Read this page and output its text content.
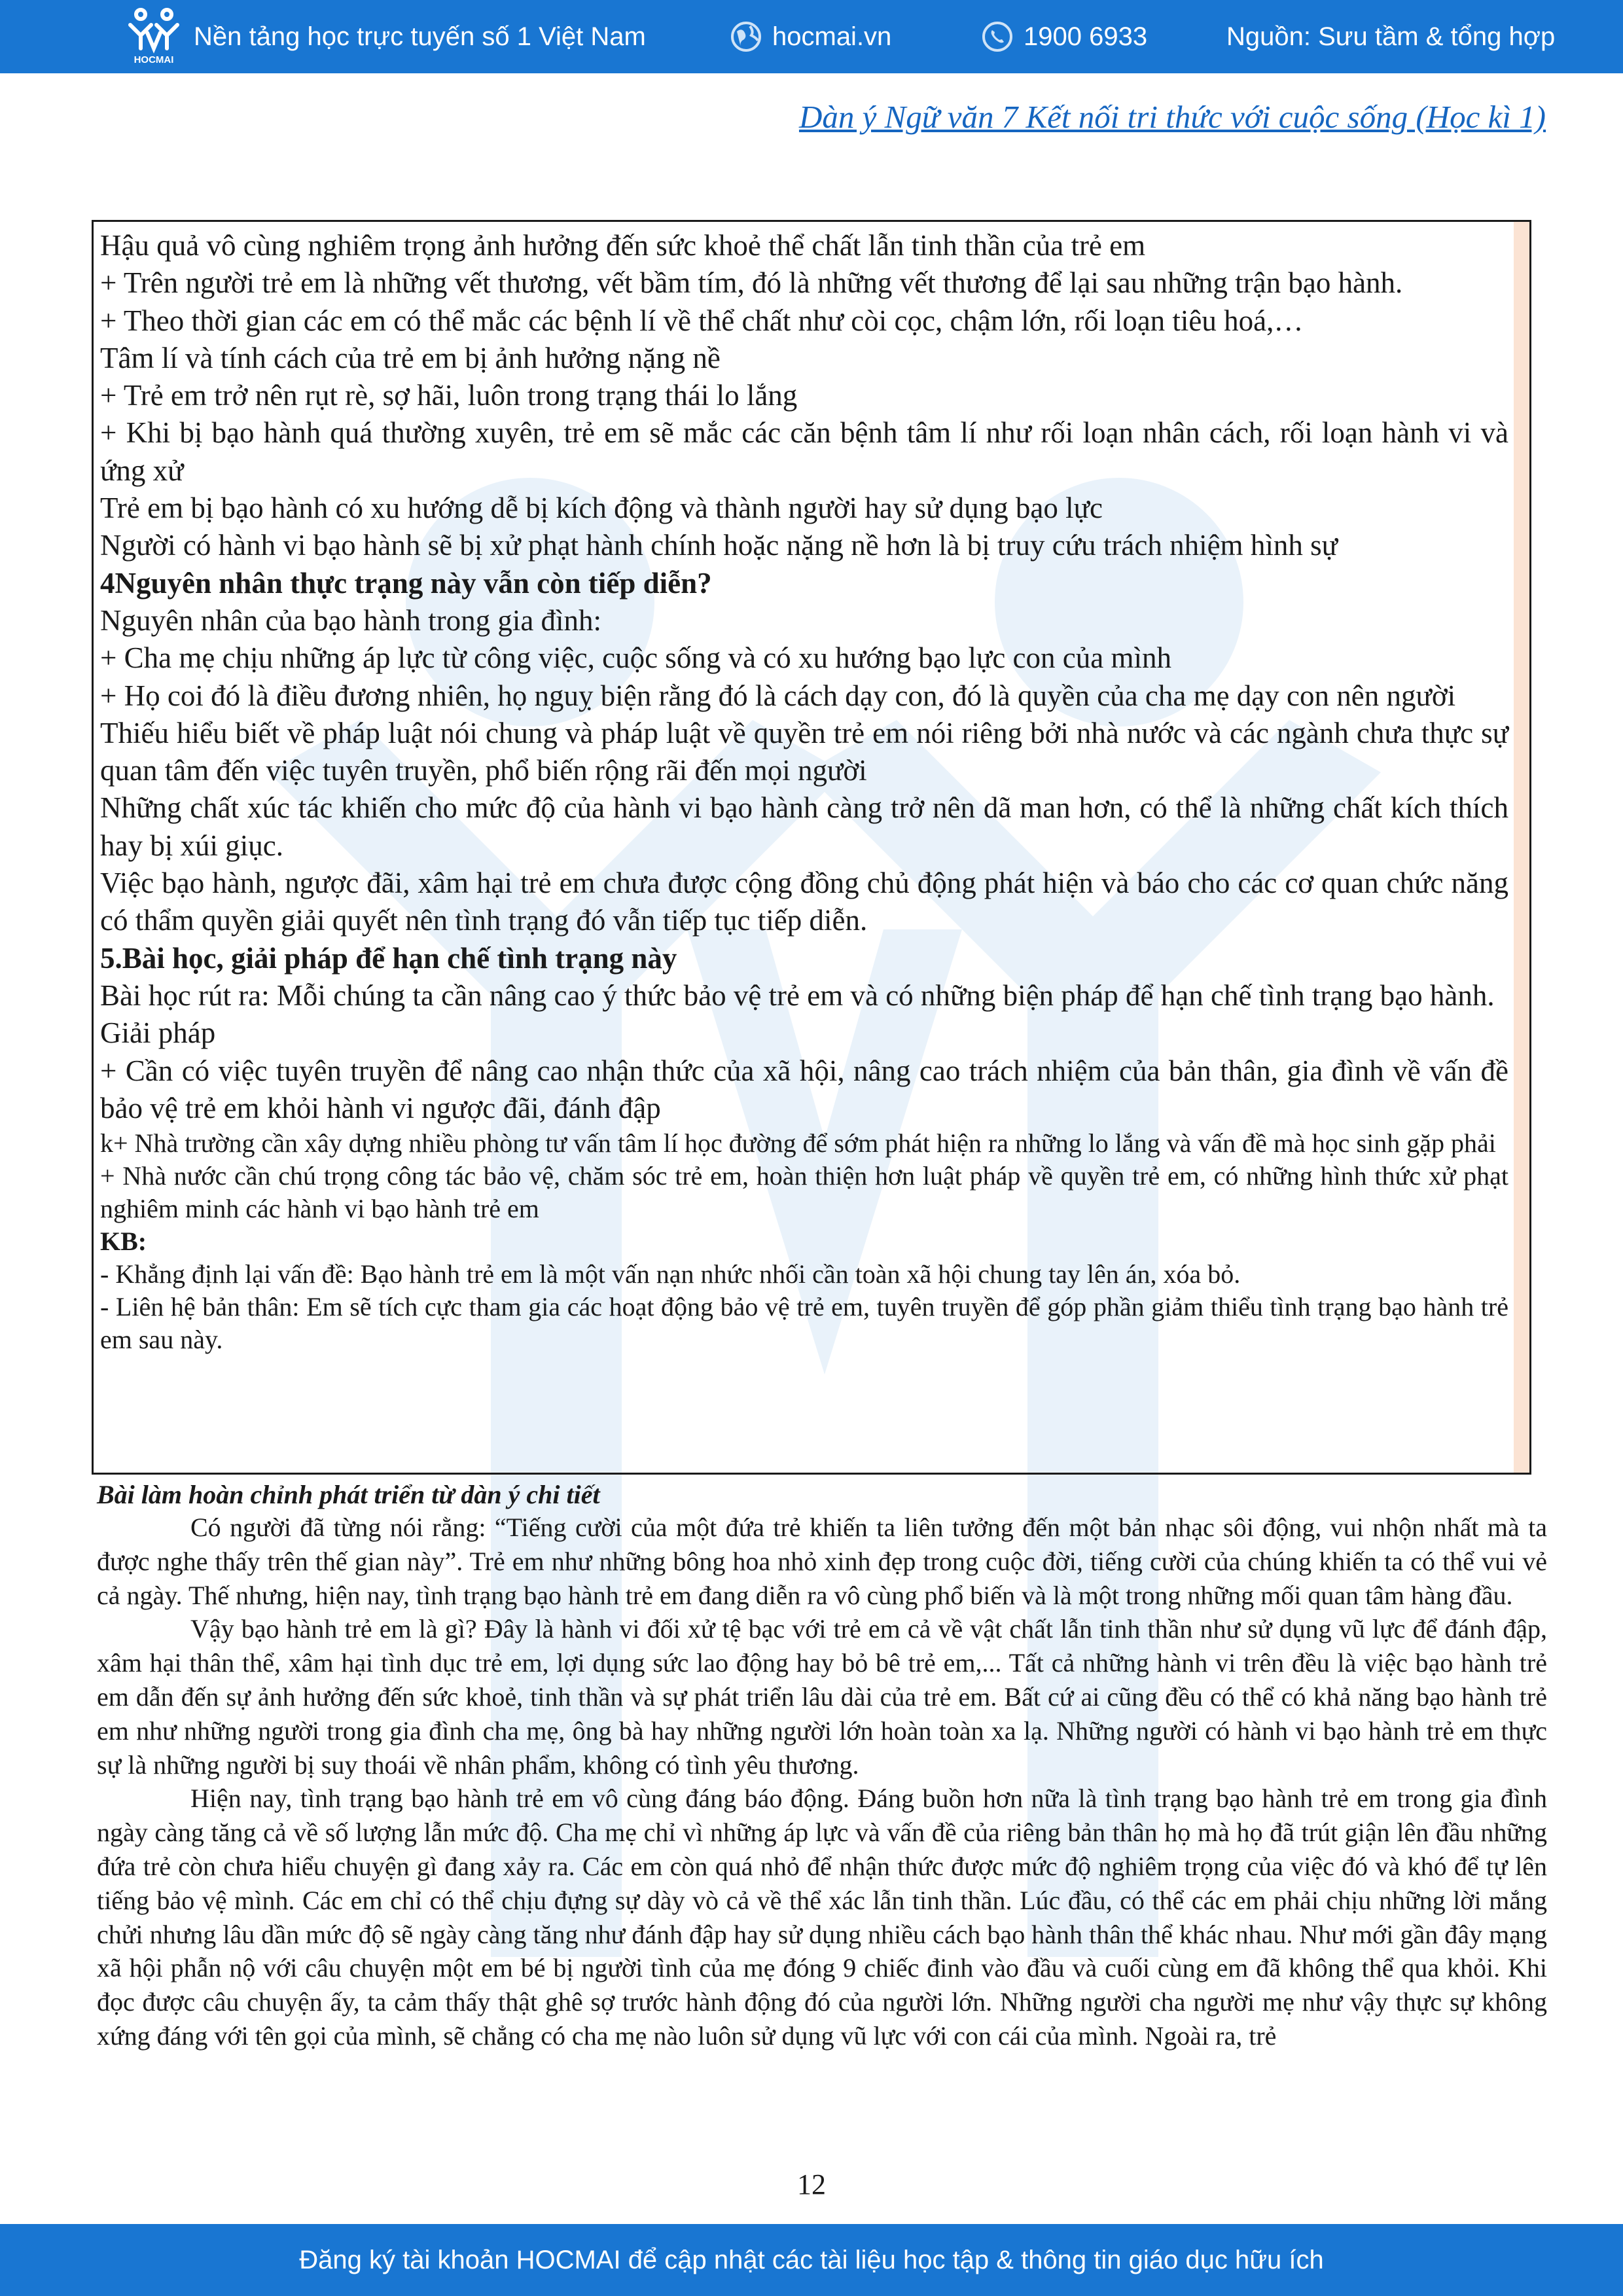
HOCMAI
Nền tảng học trực tuyến số 1 Việt Nam	hocmai.vn	1900 6933	Nguồn: Sưu tầm & tổng hợp
Dàn ý Ngữ văn 7 Kết nối tri thức với cuộc sống (Học kì 1)

Hậu quả vô cùng nghiêm trọng ảnh hưởng đến sức khoẻ thể chất lẫn tinh thần của trẻ em

+ Trên người trẻ em là những vết thương, vết bầm tím, đó là những vết thương để lại sau những trận bạo hành.

+ Theo thời gian các em có thể mắc các bệnh lí về thể chất như còi cọc, chậm lớn, rối loạn tiêu hoá,…

Tâm lí và tính cách của trẻ em bị ảnh hưởng nặng nề

+ Trẻ em trở nên rụt rè, sợ hãi, luôn trong trạng thái lo lắng

+ Khi bị bạo hành quá thường xuyên, trẻ em sẽ mắc các căn bệnh tâm lí như rối loạn nhân cách, rối loạn hành vi và ứng xử

Trẻ em bị bạo hành có xu hướng dễ bị kích động và thành người hay sử dụng bạo lực

Người có hành vi bạo hành sẽ bị xử phạt hành chính hoặc nặng nề hơn là bị truy cứu trách nhiệm hình sự

4Nguyên nhân thực trạng này vẫn còn tiếp diễn?

Nguyên nhân của bạo hành trong gia đình:

+ Cha mẹ chịu những áp lực từ công việc, cuộc sống và có xu hướng bạo lực con của mình

+ Họ coi đó là điều đương nhiên, họ nguỵ biện rằng đó là cách dạy con, đó là quyền của cha mẹ dạy con nên người

Thiếu hiểu biết về pháp luật nói chung và pháp luật về quyền trẻ em nói riêng bởi nhà nước và các ngành chưa thực sự quan tâm đến việc tuyên truyền, phổ biến rộng rãi đến mọi người

Những chất xúc tác khiến cho mức độ của hành vi bạo hành càng trở nên dã man hơn, có thể là những chất kích thích hay bị xúi giục.

Việc bạo hành, ngược đãi, xâm hại trẻ em chưa được cộng đồng chủ động phát hiện và báo cho các cơ quan chức năng có thẩm quyền giải quyết nên tình trạng đó vẫn tiếp tục tiếp diễn.

5.Bài học, giải pháp để hạn chế tình trạng này

Bài học rút ra: Mỗi chúng ta cần nâng cao ý thức bảo vệ trẻ em và có những biện pháp để hạn chế tình trạng bạo hành.

Giải pháp

+ Cần có việc tuyên truyền để nâng cao nhận thức của xã hội, nâng cao trách nhiệm của bản thân, gia đình về vấn đề bảo vệ trẻ em khỏi hành vi ngược đãi, đánh đập

k+ Nhà trường cần xây dựng nhiều phòng tư vấn tâm lí học đường để sớm phát hiện ra những lo lắng và vấn đề mà học sinh gặp phải

+ Nhà nước cần chú trọng công tác bảo vệ, chăm sóc trẻ em, hoàn thiện hơn luật pháp về quyền trẻ em, có những hình thức xử phạt nghiêm minh các hành vi bạo hành trẻ em

KB:

- Khẳng định lại vấn đề: Bạo hành trẻ em là một vấn nạn nhức nhối cần toàn xã hội chung tay lên án, xóa bỏ.

- Liên hệ bản thân: Em sẽ tích cực tham gia các hoạt động bảo vệ trẻ em, tuyên truyền để góp phần giảm thiểu tình trạng bạo hành trẻ em sau này.

Bài làm hoàn chỉnh phát triển từ dàn ý chi tiết

Có người đã từng nói rằng: “Tiếng cười của một đứa trẻ khiến ta liên tưởng đến một bản nhạc sôi động, vui nhộn nhất mà ta được nghe thấy trên thế gian này”. Trẻ em như những bông hoa nhỏ xinh đẹp trong cuộc đời, tiếng cười của chúng khiến ta có thể vui vẻ cả ngày. Thế nhưng, hiện nay, tình trạng bạo hành trẻ em đang diễn ra vô cùng phổ biến và là một trong những mối quan tâm hàng đầu.

Vậy bạo hành trẻ em là gì? Đây là hành vi đối xử tệ bạc với trẻ em cả về vật chất lẫn tinh thần như sử dụng vũ lực để đánh đập, xâm hại thân thể, xâm hại tình dục trẻ em, lợi dụng sức lao động hay bỏ bê trẻ em,... Tất cả những hành vi trên đều là việc bạo hành trẻ em dẫn đến sự ảnh hưởng đến sức khoẻ, tinh thần và sự phát triển lâu dài của trẻ em. Bất cứ ai cũng đều có thể có khả năng bạo hành trẻ em như những người trong gia đình cha mẹ, ông bà hay những người lớn hoàn toàn xa lạ. Những người có hành vi bạo hành trẻ em thực sự là những người bị suy thoái về nhân phẩm, không có tình yêu thương.

Hiện nay, tình trạng bạo hành trẻ em vô cùng đáng báo động. Đáng buồn hơn nữa là tình trạng bạo hành trẻ em trong gia đình ngày càng tăng cả về số lượng lẫn mức độ. Cha mẹ chỉ vì những áp lực và vấn đề của riêng bản thân họ mà họ đã trút giận lên đầu những đứa trẻ còn chưa hiểu chuyện gì đang xảy ra. Các em còn quá nhỏ để nhận thức được mức độ nghiêm trọng của việc đó và khó để tự lên tiếng bảo vệ mình. Các em chỉ có thể chịu đựng sự dày vò cả về thể xác lẫn tinh thần. Lúc đầu, có thể các em phải chịu những lời mắng chửi nhưng lâu dần mức độ sẽ ngày càng tăng như đánh đập hay sử dụng nhiều cách bạo hành thân thể khác nhau. Như mới gần đây mạng xã hội phẫn nộ với câu chuyện một em bé bị người tình của mẹ đóng 9 chiếc đinh vào đầu và cuối cùng em đã không thể qua khỏi. Khi đọc được câu chuyện ấy, ta cảm thấy thật ghê sợ trước hành động đó của người lớn. Những người cha người mẹ như vậy thực sự không xứng đáng với tên gọi của mình, sẽ chẳng có cha mẹ nào luôn sử dụng vũ lực với con cái của mình. Ngoài ra, trẻ

12
Đăng ký tài khoản HOCMAI để cập nhật các tài liệu học tập & thông tin giáo dục hữu ích
